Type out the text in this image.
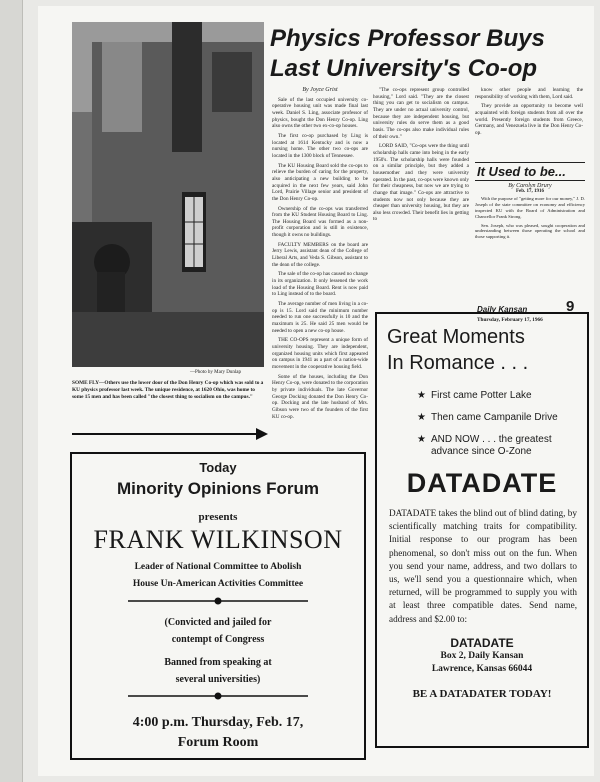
—Photo by Mary Dunlap
SOME FLY—Others use the lower door of the Don Henry Co-op which was sold to a KU physics professor last week. The unique residence, at 1620 Ohio, was home to some 15 men and has been called "the closest thing to socialism on the campus."
Physics Professor Buys
Last University's Co-op
By Joyce Grist

Sale of the last occupied university co-operative housing unit was made final last week. Daniel S. Ling, associate professor of physics, bought the Don Henry Co-op. Ling also owns the other two ex-co-op houses.

The first co-op purchased by Ling is located at 1614 Kentucky and is now a nursing home. The other two co-ops are located in the 1300 block of Tennessee.

The KU Housing Board sold the co-ops to relieve the burden of caring for the property, also anticipating a new building to be acquired in the next few years, said John Lord, Prairie Village senior and president of the Don Henry Co-op.

Ownership of the co-ops was transferred from the KU Student Housing Board to Ling. The Housing Board was formed as a non-profit corporation and is still in existence, though it owns no buildings.

FACULTY MEMBERS on the board are Jerry Lewis, assistant dean of the College of Liberal Arts, and Veda S. Gibson, assistant to the dean of the college.

The sale of the co-op has caused no change in its organization. It only lessened the work load of the Housing Board. Rent is now paid to Ling instead of to the board.

The average number of men living in a co-op is 15. Lord said the minimum number needed to run one successfully is 10 and the maximum is 25. He said 25 men would be needed to open a new co-op house.

THE CO-OPS represent a unique form of university housing. They are independent, organized housing units which first appeared on campus in 1941 as a part of a nation-wide movement in the cooperative housing field.

Some of the houses, including the Don Henry Co-op, were donated to the corporation by private individuals. The late Governor George Docking donated the Don Henry Co-op. Docking and the late husband of Mrs. Gibson were two of the founders of the first KU co-op.

"The co-ops represent group controlled housing," Lord said. "They are the closest thing you can get to socialism on campus. They are under no actual university control, because they are independent housing, but university rules do serve them as a good basis. The co-ops also make individual rules of their own."

LORD SAID, "Co-ops were the thing until scholarship halls came into being in the early 1950's. The scholarship halls were founded on a similar principle, but they added a housemother and they were university operated. In the past, co-ops were known only for their cheapness, but now we are trying to change that image." Co-ops are attractive to students now not only because they are cheaper than university housing, but they are also less crowded. Their benefit lies in getting to

know other people and learning the responsibility of working with them, Lord said.

They provide an opportunity to become well acquainted with foreign students from all over the world. Presently foreign students from Greece, Germany, and Venezuela live in the Don Henry Co-op.

It Used to be...
By Carolyn Drury
Feb. 17, 1916

With the purpose of "getting more for our money," J. D. Joseph of the state committee on economy and efficiency inspected KU with the Board of Administration and Chancellor Frank Strong.

Sen. Joseph, who was pleased, sought cooperation and understanding between those operating the school and those supporting it.

Daily Kansan	9
Thursday, February 17, 1966
Today
Minority Opinions Forum
presents
FRANK WILKINSON
Leader of National Committee to Abolish
House Un-American Activities Committee
(Convicted and jailed for
contempt of Congress
Banned from speaking at
several universities)
4:00 p.m. Thursday, Feb. 17,
Forum Room
Great Moments
In Romance . . .
★ First came Potter Lake
★ Then came Campanile Drive
★ AND NOW . . . the greatest advance since O-Zone
DATADATE
DATADATE takes the blind out of blind dating, by scientifically matching traits for compatibility. Initial response to our program has been phenomenal, so don't miss out on the fun. When you send your name, address, and two dollars to us, we'll send you a questionnaire which, when returned, will be programmed to supply you with at least three compatible dates. Send name, address and $2.00 to:
DATADATE
Box 2, Daily Kansan
Lawrence, Kansas 66044
BE A DATADATER TODAY!
